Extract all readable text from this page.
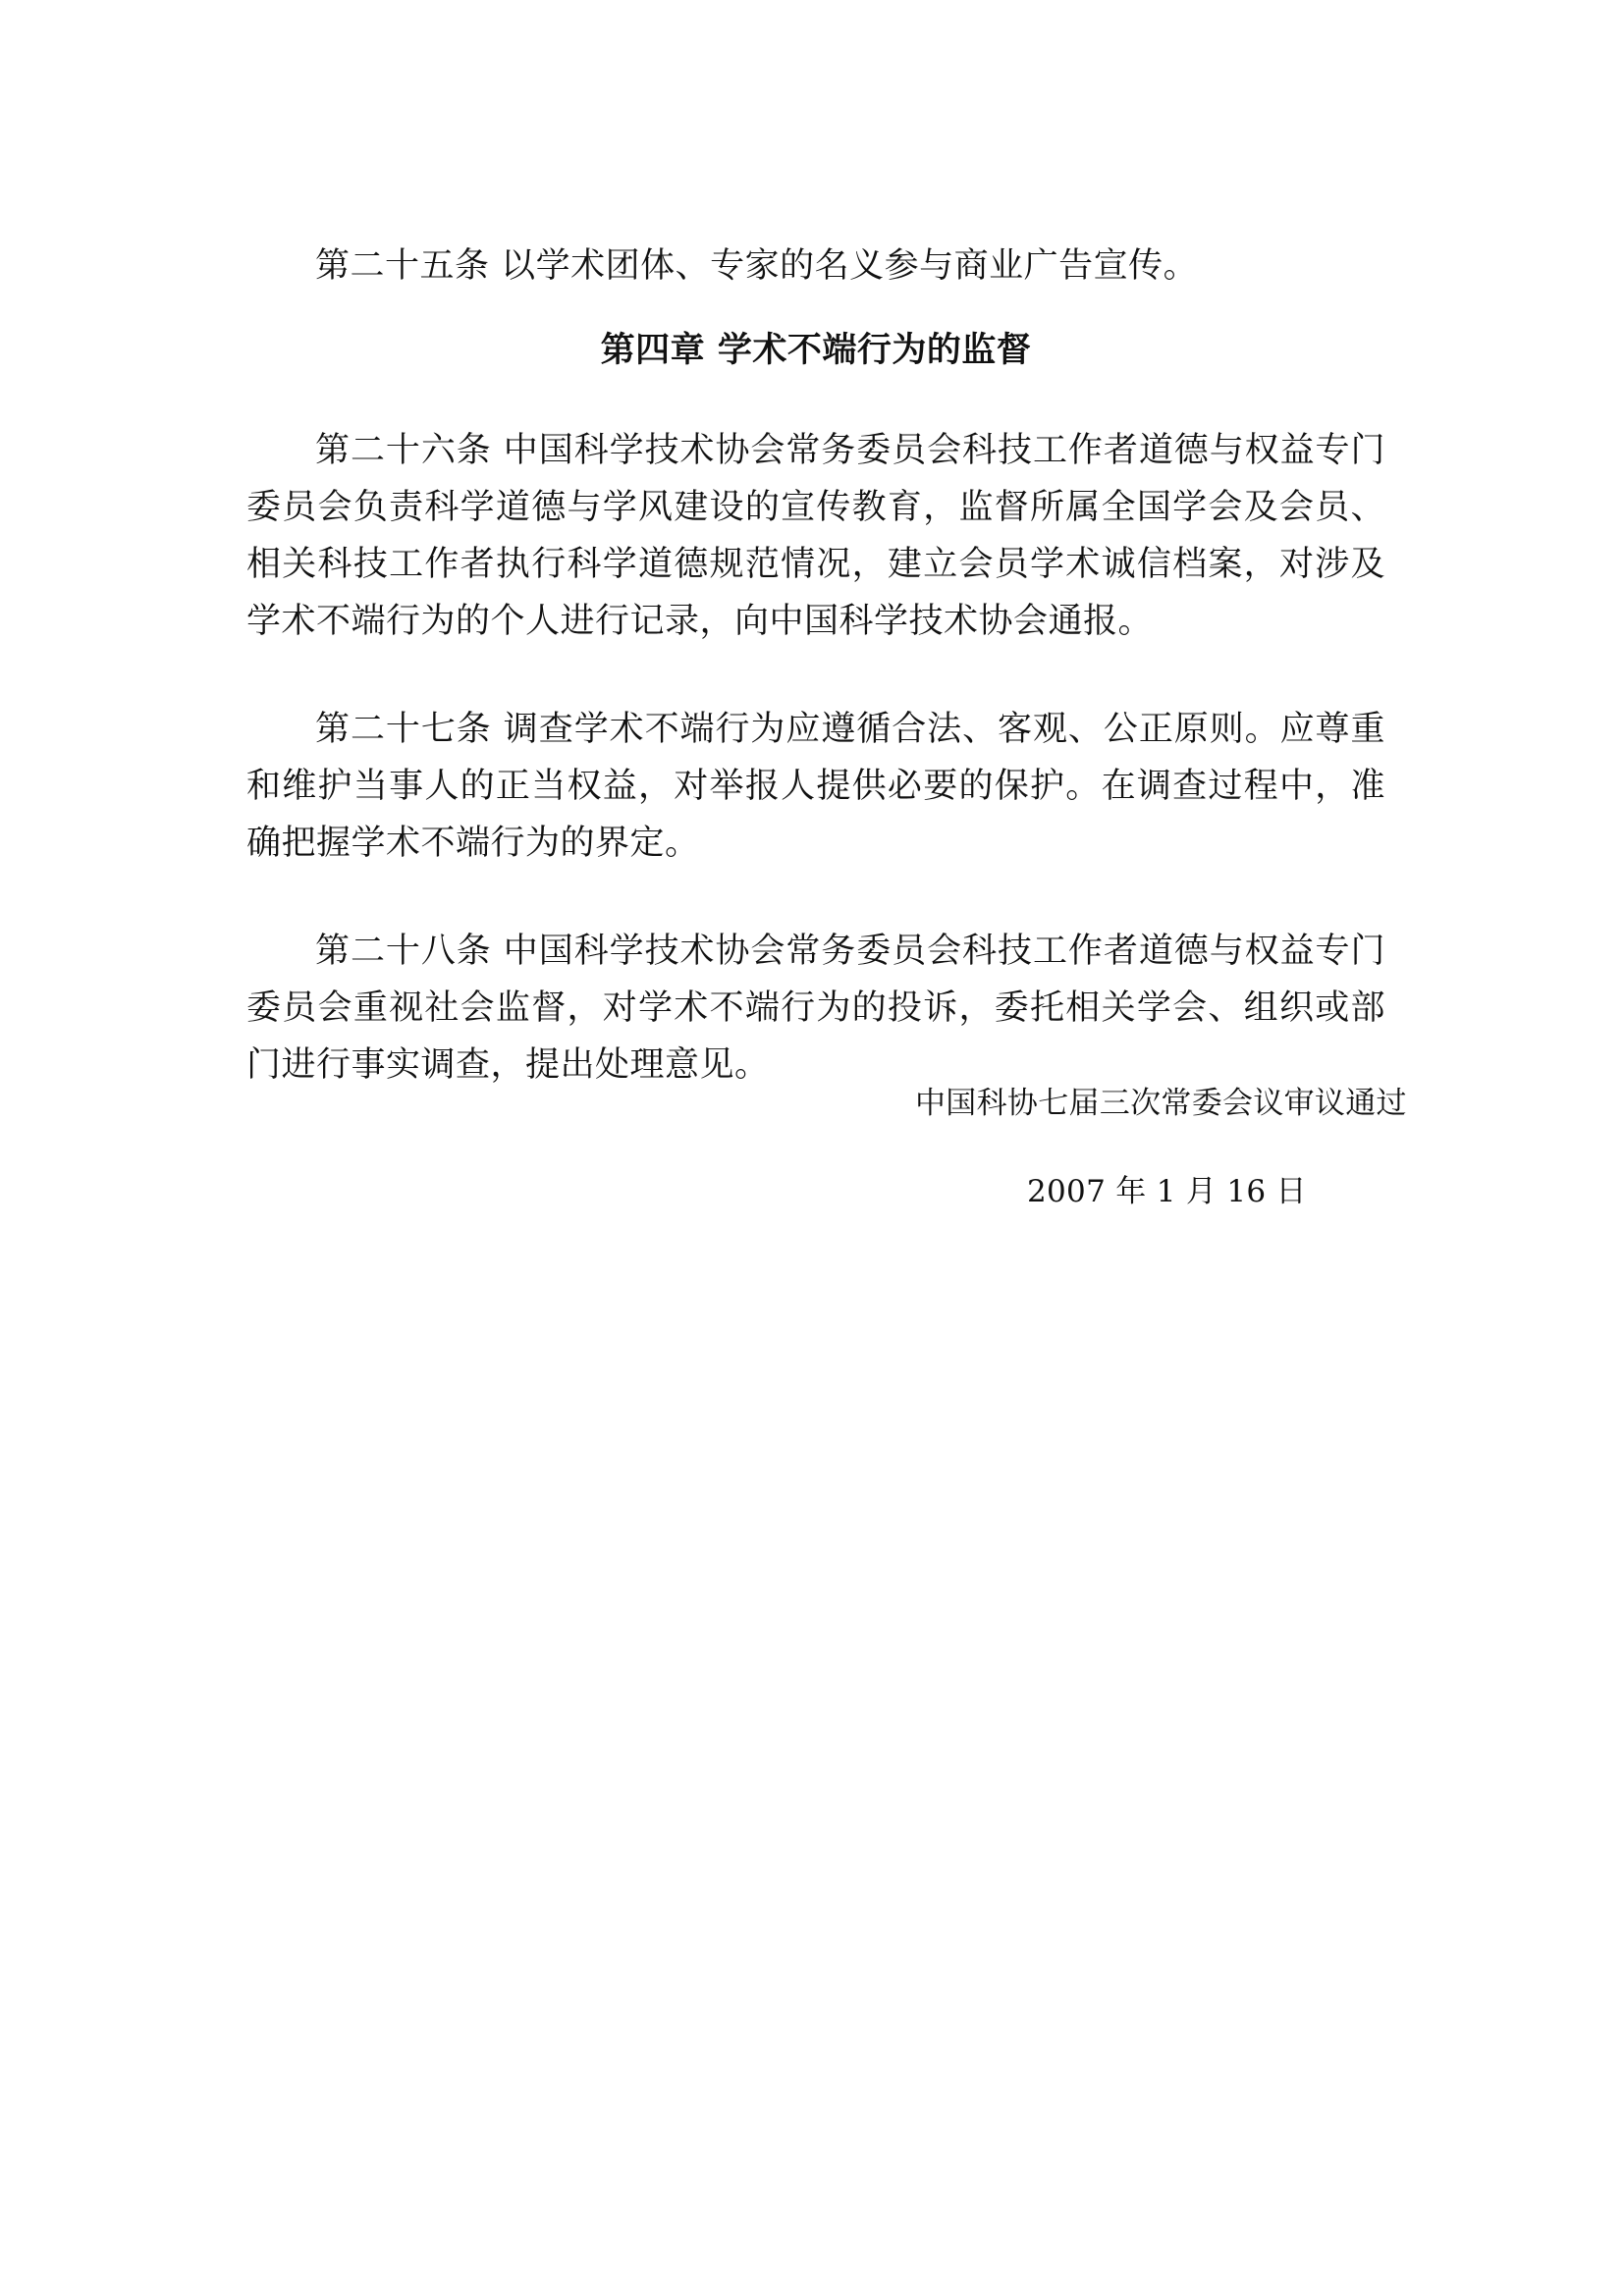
第二十五条 以学术团体、专家的名义参与商业广告宣传。

第四章 学术不端行为的监督

第二十六条 中国科学技术协会常务委员会科技工作者道德与权益专门委员会负责科学道德与学风建设的宣传教育，监督所属全国学会及会员、相关科技工作者执行科学道德规范情况，建立会员学术诚信档案，对涉及学术不端行为的个人进行记录，向中国科学技术协会通报。

第二十七条 调查学术不端行为应遵循合法、客观、公正原则。应尊重和维护当事人的正当权益，对举报人提供必要的保护。在调查过程中，准确把握学术不端行为的界定。

第二十八条 中国科学技术协会常务委员会科技工作者道德与权益专门委员会重视社会监督，对学术不端行为的投诉，委托相关学会、组织或部门进行事实调查，提出处理意见。

中国科协七届三次常委会议审议通过

2007 年 1 月 16 日
